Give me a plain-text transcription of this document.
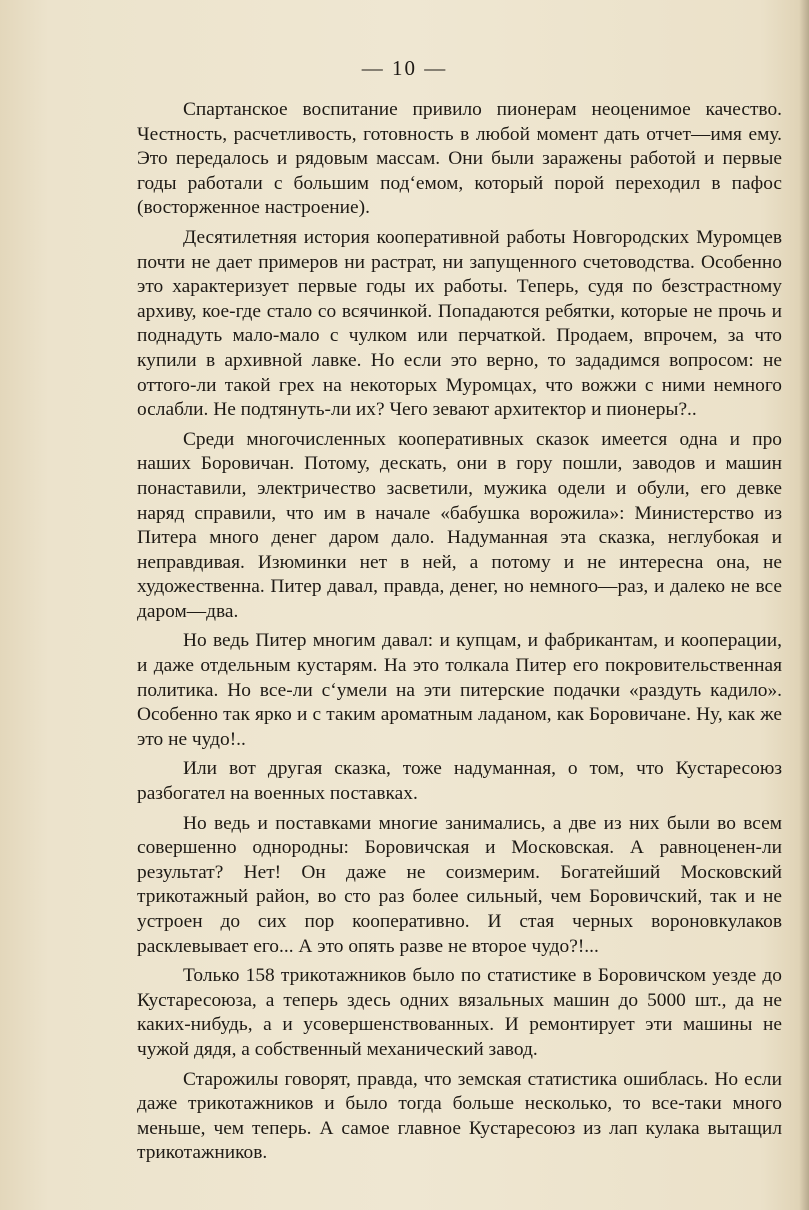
— 10 —

Спартанское воспитание привило пионерам неоценимое качество. Честность, расчетливость, готовность в любой момент дать отчет—имя ему. Это передалось и рядовым массам. Они были заражены работой и первые годы работали с большим под‘емом, который порой переходил в пафос (восторженное настроение).

Десятилетняя история кооперативной работы Новгородских Муромцев почти не дает примеров ни растрат, ни запущенного счетоводства. Особенно это характеризует первые годы их работы. Теперь, судя по безстрастному архиву, кое-где стало со всячинкой. Попадаются ребятки, которые не прочь и поднадуть мало-мало с чулком или перчаткой. Продаем, впрочем, за что купили в архивной лавке. Но если это верно, то зададимся вопросом: не оттого-ли такой грех на некоторых Муромцах, что вожжи с ними немного ослабли. Не подтянуть-ли их? Чего зевают архитектор и пионеры?..

Среди многочисленных кооперативных сказок имеется одна и про наших Боровичан. Потому, дескать, они в гору пошли, заводов и машин понаставили, электричество засветили, мужика одели и обули, его девке наряд справили, что им в начале «бабушка ворожила»: Министерство из Питера много денег даром дало. Надуманная эта сказка, неглубокая и неправдивая. Изюминки нет в ней, а потому и не интересна она, не художественна. Питер давал, правда, денег, но немного—раз, и далеко не все даром—два.

Но ведь Питер многим давал: и купцам, и фабрикантам, и кооперации, и даже отдельным кустарям. На это толкала Питер его покровительственная политика. Но все-ли с‘умели на эти питерские подачки «раздуть кадило». Особенно так ярко и с таким ароматным ладаном, как Боровичане. Ну, как же это не чудо!..

Или вот другая сказка, тоже надуманная, о том, что Кустаресоюз разбогател на военных поставках.

Но ведь и поставками многие занимались, а две из них были во всем совершенно однородны: Боровичская и Московская. А равноценен-ли результат? Нет! Он даже не соизмерим. Богатейший Московский трикотажный район, во сто раз более сильный, чем Боровичский, так и не устроен до сих пор кооперативно. И стая черных вороновкулаков расклевывает его... А это опять разве не второе чудо?!...

Только 158 трикотажников было по статистике в Боровичском уезде до Кустаресоюза, а теперь здесь одних вязальных машин до 5000 шт., да не каких-нибудь, а и усовершенствованных. И ремонтирует эти машины не чужой дядя, а собственный механический завод.

Старожилы говорят, правда, что земская статистика ошиблась. Но если даже трикотажников и было тогда больше несколько, то все-таки много меньше, чем теперь. А самое главное Кустаресоюз из лап кулака вытащил трикотажников.
